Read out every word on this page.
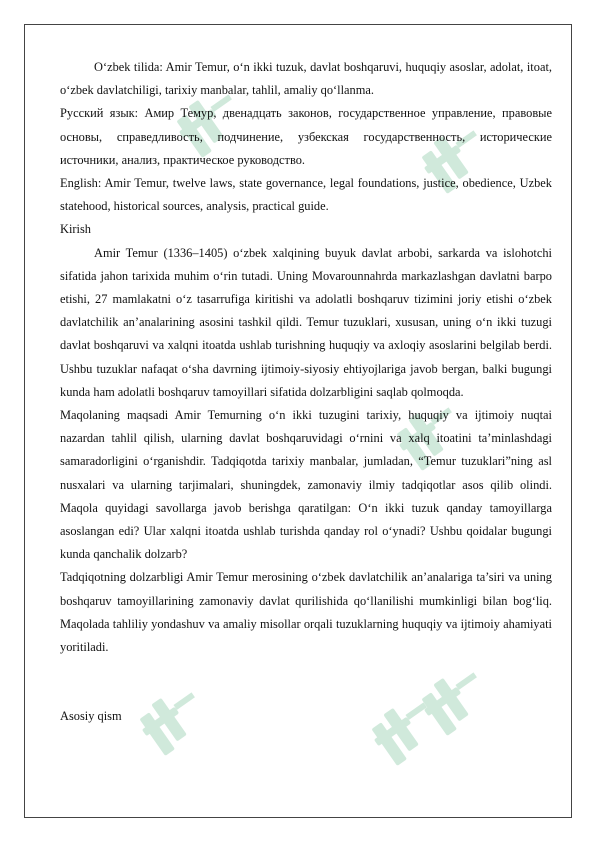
O‘zbek tilida: Amir Temur, o‘n ikki tuzuk, davlat boshqaruvi, huquqiy asoslar, adolat, itoat, o‘zbek davlatchiligi, tarixiy manbalar, tahlil, amaliy qo‘llanma.

Русский язык: Амир Темур, двенадцать законов, государственное управление, правовые основы, справедливость, подчинение, узбекская государственность, исторические источники, анализ, практическое руководство.

English: Amir Temur, twelve laws, state governance, legal foundations, justice, obedience, Uzbek statehood, historical sources, analysis, practical guide.

Kirish

Amir Temur (1336–1405) o‘zbek xalqining buyuk davlat arbobi, sarkarda va islohotchi sifatida jahon tarixida muhim o‘rin tutadi. Uning Movarounnahrda markazlashgan davlatni barpo etishi, 27 mamlakatni o‘z tasarrufiga kiritishi va adolatli boshqaruv tizimini joriy etishi o‘zbek davlatchilik an’analarining asosini tashkil qildi. Temur tuzuklari, xususan, uning o‘n ikki tuzugi davlat boshqaruvi va xalqni itoatda ushlab turishning huquqiy va axloqiy asoslarini belgilab berdi. Ushbu tuzuklar nafaqat o‘sha davrning ijtimoiy-siyosiy ehtiyojlariga javob bergan, balki bugungi kunda ham adolatli boshqaruv tamoyillari sifatida dolzarbligini saqlab qolmoqda.

Maqolaning maqsadi Amir Temurning o‘n ikki tuzugini tarixiy, huquqiy va ijtimoiy nuqtai nazardan tahlil qilish, ularning davlat boshqaruvidagi o‘rnini va xalq itoatini ta’minlashdagi samaradorligini o‘rganishdir. Tadqiqotda tarixiy manbalar, jumladan, “Temur tuzuklari”ning asl nusxalari va ularning tarjimalari, shuningdek, zamonaviy ilmiy tadqiqotlar asos qilib olindi. Maqola quyidagi savollarga javob berishga qaratilgan: O‘n ikki tuzuk qanday tamoyillarga asoslangan edi? Ular xalqni itoatda ushlab turishda qanday rol o‘ynadi? Ushbu qoidalar bugungi kunda qanchalik dolzarb?

Tadqiqotning dolzarbligi Amir Temur merosining o‘zbek davlatchilik an’analariga ta’siri va uning boshqaruv tamoyillarining zamonaviy davlat qurilishida qo‘llanilishi mumkinligi bilan bog‘liq. Maqolada tahliliy yondashuv va amaliy misollar orqali tuzuklarning huquqiy va ijtimoiy ahamiyati yoritiladi.

Asosiy qism
